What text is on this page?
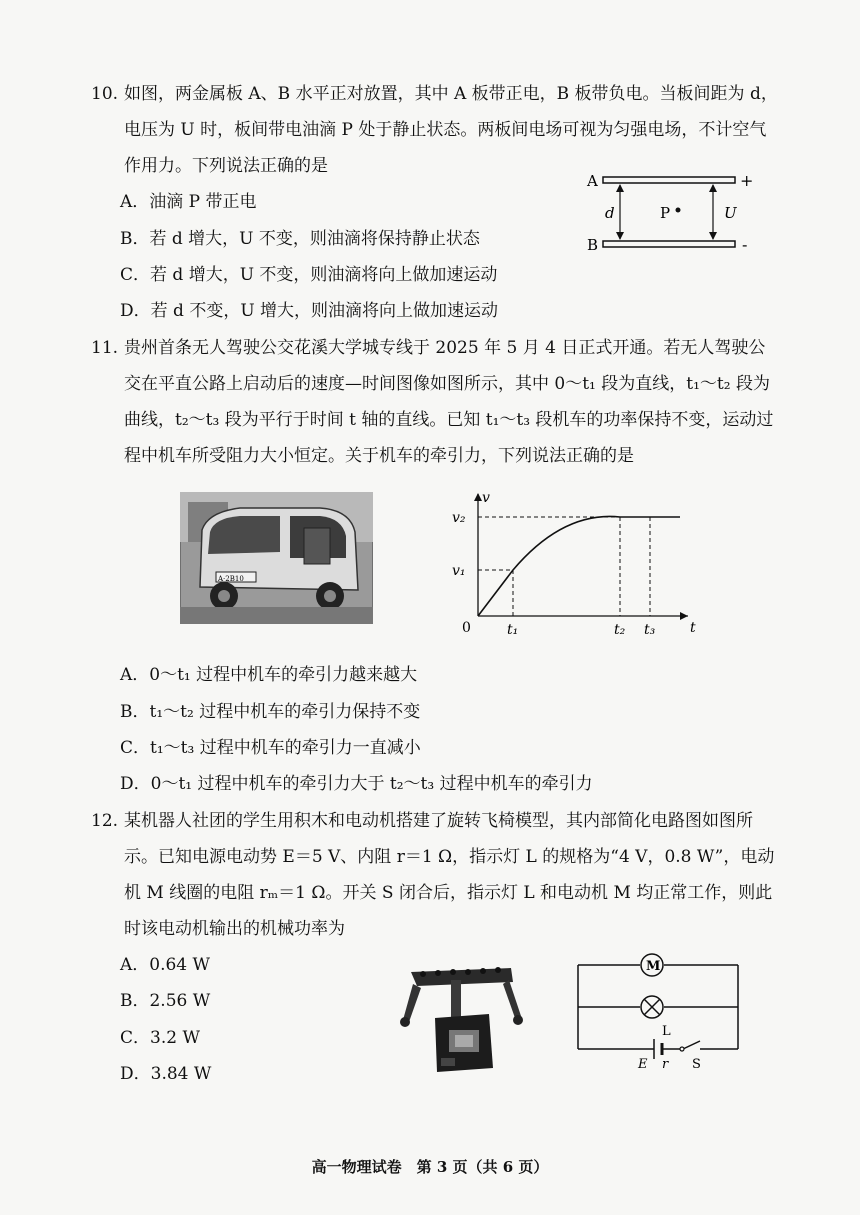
10. 如图，两金属板 A、B 水平正对放置，其中 A 板带正电，B 板带负电。当板间距为 d，
电压为 U 时，板间带电油滴 P 处于静止状态。两板间电场可视为匀强电场，不计空气
作用力。下列说法正确的是
A．油滴 P 带正电
B．若 d 增大，U 不变，则油滴将保持静止状态
C．若 d 增大，U 不变，则油滴将向上做加速运动
D．若 d 不变，U 增大，则油滴将向上做加速运动
A
B
+
-
d	P	U
11. 贵州首条无人驾驶公交花溪大学城专线于 2025 年 5 月 4 日正式开通。若无人驾驶公
交在平直公路上启动后的速度—时间图像如图所示，其中 0～t₁ 段为直线，t₁～t₂ 段为
曲线，t₂～t₃ 段为平行于时间 t 轴的直线。已知 t₁～t₃ 段机车的功率保持不变，运动过
程中机车所受阻力大小恒定。关于机车的牵引力，下列说法正确的是
A·2B10
t
v
0	t₁	t₂ t₃
v₁
v₂
A．0～t₁ 过程中机车的牵引力越来越大
B．t₁～t₂ 过程中机车的牵引力保持不变
C．t₁～t₃ 过程中机车的牵引力一直减小
D．0～t₁ 过程中机车的牵引力大于 t₂～t₃ 过程中机车的牵引力
12. 某机器人社团的学生用积木和电动机搭建了旋转飞椅模型，其内部简化电路图如图所
示。已知电源电动势 E＝5 V、内阻 r＝1 Ω，指示灯 L 的规格为“4 V，0.8 W”，电动
机 M 线圈的电阻 rₘ＝1 Ω。开关 S 闭合后，指示灯 L 和电动机 M 均正常工作，则此
时该电动机输出的机械功率为
A．0.64 W
B．2.56 W
C．3.2 W
D．3.84 W
M
L
E r S
高一物理试卷　第 3 页（共 6 页）
